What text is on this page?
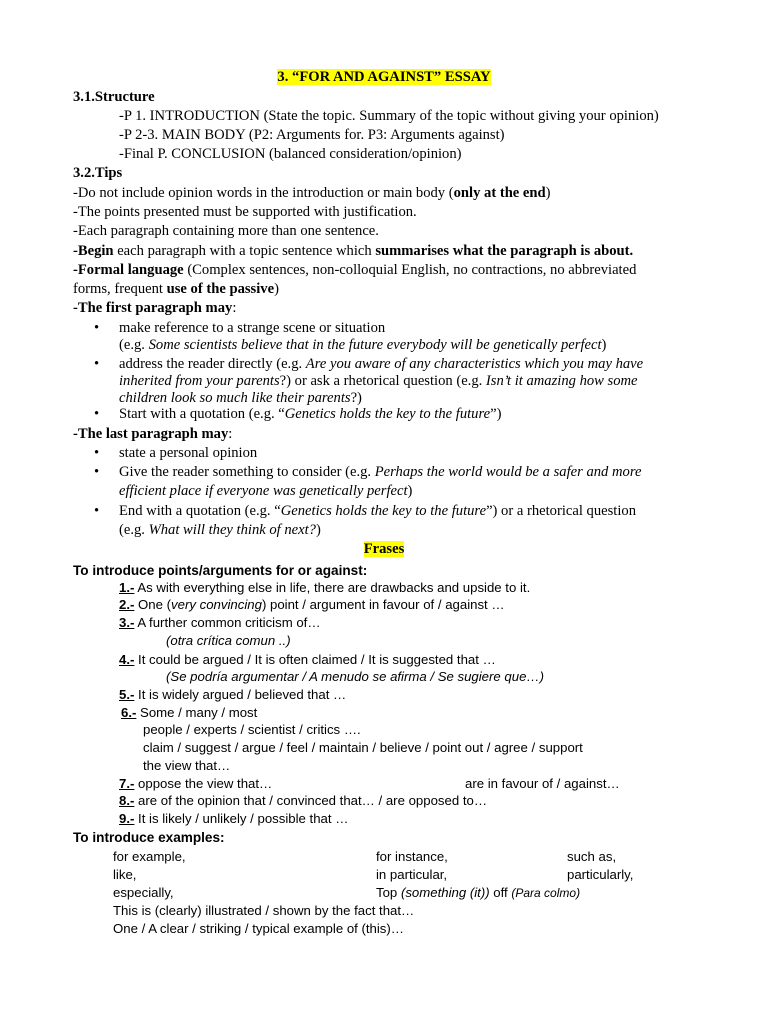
3. “FOR AND AGAINST” ESSAY
3.1.Structure
-P 1. INTRODUCTION (State the topic. Summary of the topic without giving your opinion)
-P 2-3. MAIN BODY (P2: Arguments for. P3: Arguments against)
-Final P. CONCLUSION (balanced consideration/opinion)
3.2.Tips
-Do not include opinion words in the introduction or main body (only at the end)
-The points presented must be supported with justification.
-Each paragraph containing more than one sentence.
-Begin each paragraph with a topic sentence which summarises what the paragraph is about.
-Formal language (Complex sentences, non-colloquial English, no contractions, no abbreviated
forms, frequent use of the passive)
-The first paragraph may:
• make reference to a strange scene or situation
(e.g. Some scientists believe that in the future everybody will be genetically perfect)
• address the reader directly (e.g. Are you aware of any characteristics which you may have
inherited from your parents?) or ask a rhetorical question (e.g. Isn’t it amazing how some
children look so much like their parents?)
• Start with a quotation (e.g. “Genetics holds the key to the future”)
-The last paragraph may:
• state a personal opinion
• Give the reader something to consider (e.g. Perhaps the world would be a safer and more
efficient place if everyone was genetically perfect)
• End with a quotation (e.g. “Genetics holds the key to the future”) or a rhetorical question
(e.g. What will they think of next?)
Frases
To introduce points/arguments for or against:
1.- As with everything else in life, there are drawbacks and upside to it.
2.- One (very convincing) point / argument in favour of / against …
3.- A further common criticism of…
(otra crítica comun ..)
4.- It could be argued / It is often claimed / It is suggested that …
(Se podría argumentar / A menudo se afirma / Se sugiere que…)
5.- It is widely argued / believed that …
6.- Some / many / most
people / experts / scientist / critics ….
claim / suggest / argue / feel / maintain / believe / point out / agree / support
the view that…
7.- oppose the view that…	are in favour of / against…
8.- are of the opinion that / convinced that… / are opposed to…
9.- It is likely / unlikely / possible that …
To introduce examples:
for example,	for instance,	such as,
like,	in particular,	particularly,
especially,	Top (something (it)) off (Para colmo)
This is (clearly) illustrated / shown by the fact that…
One / A clear / striking / typical example of (this)…
